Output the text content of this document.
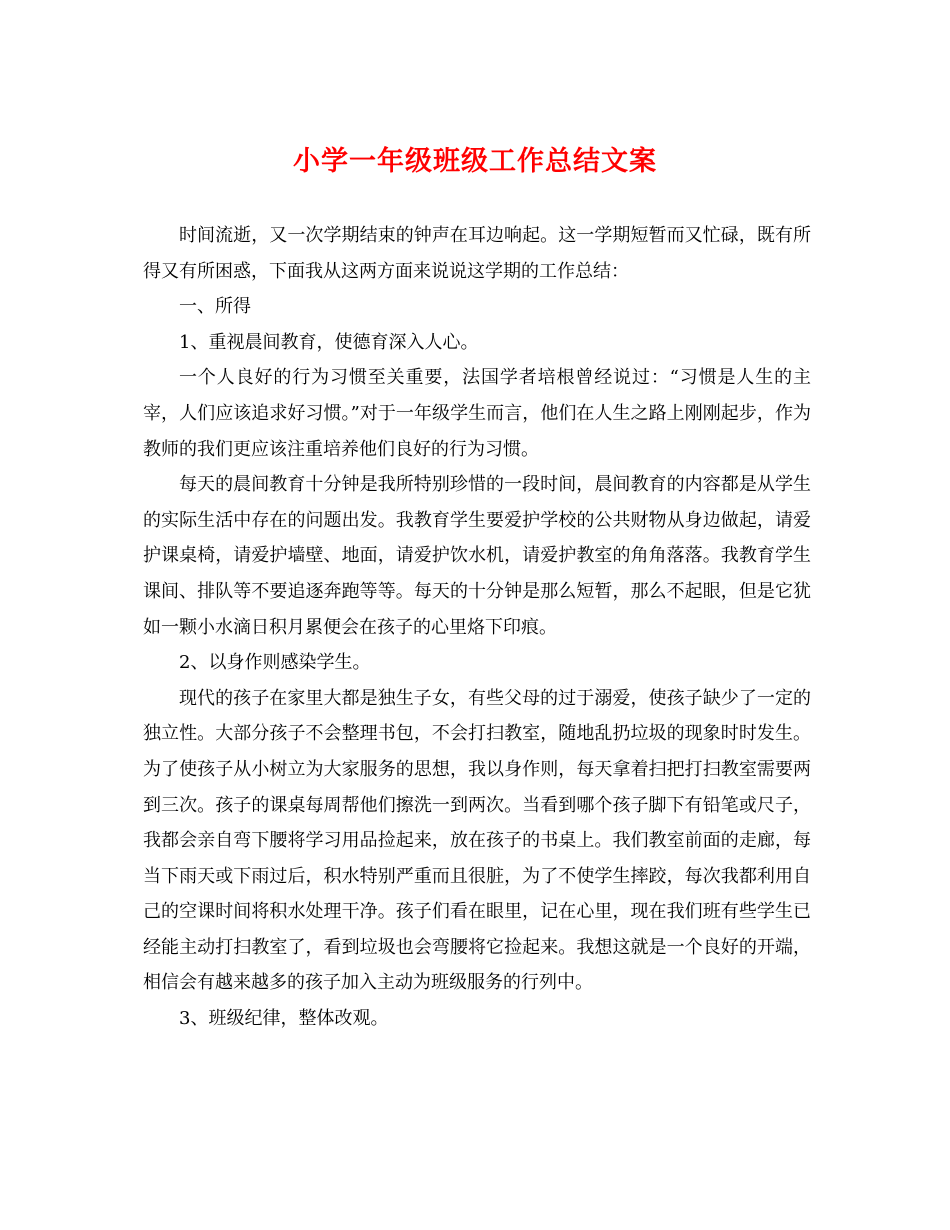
小学一年级班级工作总结文案

时间流逝，又一次学期结束的钟声在耳边响起。这一学期短暂而又忙碌，既有所得又有所困惑，下面我从这两方面来说说这学期的工作总结：

一、所得

1、重视晨间教育，使德育深入人心。

一个人良好的行为习惯至关重要，法国学者培根曾经说过：“习惯是人生的主宰，人们应该追求好习惯。”对于一年级学生而言，他们在人生之路上刚刚起步，作为教师的我们更应该注重培养他们良好的行为习惯。

每天的晨间教育十分钟是我所特别珍惜的一段时间，晨间教育的内容都是从学生的实际生活中存在的问题出发。我教育学生要爱护学校的公共财物从身边做起，请爱护课桌椅，请爱护墙壁、地面，请爱护饮水机，请爱护教室的角角落落。我教育学生课间、排队等不要追逐奔跑等等。每天的十分钟是那么短暂，那么不起眼，但是它犹如一颗小水滴日积月累便会在孩子的心里烙下印痕。

2、以身作则感染学生。

现代的孩子在家里大都是独生子女，有些父母的过于溺爱，使孩子缺少了一定的独立性。大部分孩子不会整理书包，不会打扫教室，随地乱扔垃圾的现象时时发生。为了使孩子从小树立为大家服务的思想，我以身作则，每天拿着扫把打扫教室需要两到三次。孩子的课桌每周帮他们擦洗一到两次。当看到哪个孩子脚下有铅笔或尺子，我都会亲自弯下腰将学习用品捡起来，放在孩子的书桌上。我们教室前面的走廊，每当下雨天或下雨过后，积水特别严重而且很脏，为了不使学生摔跤，每次我都利用自己的空课时间将积水处理干净。孩子们看在眼里，记在心里，现在我们班有些学生已经能主动打扫教室了，看到垃圾也会弯腰将它捡起来。我想这就是一个良好的开端，相信会有越来越多的孩子加入主动为班级服务的行列中。

3、班级纪律，整体改观。
